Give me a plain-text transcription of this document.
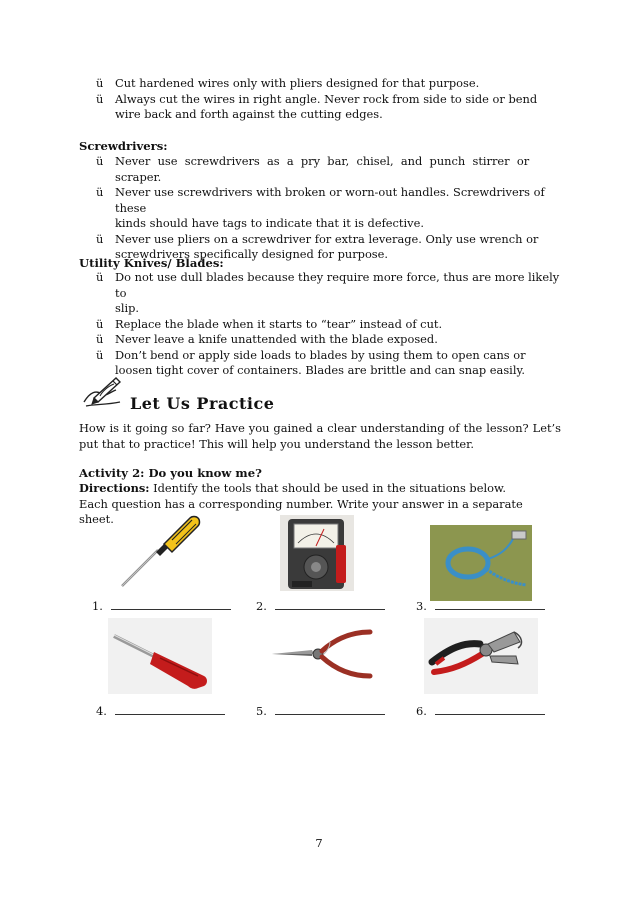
ü	Cut hardened wires only with pliers designed for that purpose.
ü	Always cut the wires in right angle. Never rock from side to side or bend
wire back and forth against the cutting edges.
Screwdrivers:
ü	Never  use  screwdrivers  as  a  pry  bar,  chisel,  and  punch  stirrer  or
scraper.
ü	Never use screwdrivers with broken or worn-out handles. Screwdrivers of these
kinds should have tags to indicate that it is defective.
ü	Never use pliers on a screwdriver for extra leverage. Only use wrench or
screwdrivers specifically designed for purpose.
Utility Knives/ Blades:
ü	Do not use dull blades because they require more force, thus are more likely to
slip.
ü	Replace the blade when it starts to “tear” instead of cut.
ü	Never leave a knife unattended with the blade exposed.
ü	Don’t bend or apply side loads to blades by using them to open cans or
loosen tight cover of containers. Blades are brittle and can snap easily.
Let Us Practice
How is it going so far? Have you gained a clear understanding of the lesson? Let’s put that to practice! This will help you understand the lesson better.
Activity 2: Do you know me?
Directions: Identify the tools that should be used in the situations below.
Each question has a corresponding number. Write your answer in a separate sheet.
1.	2.	3.
4.	5.	6.
7
